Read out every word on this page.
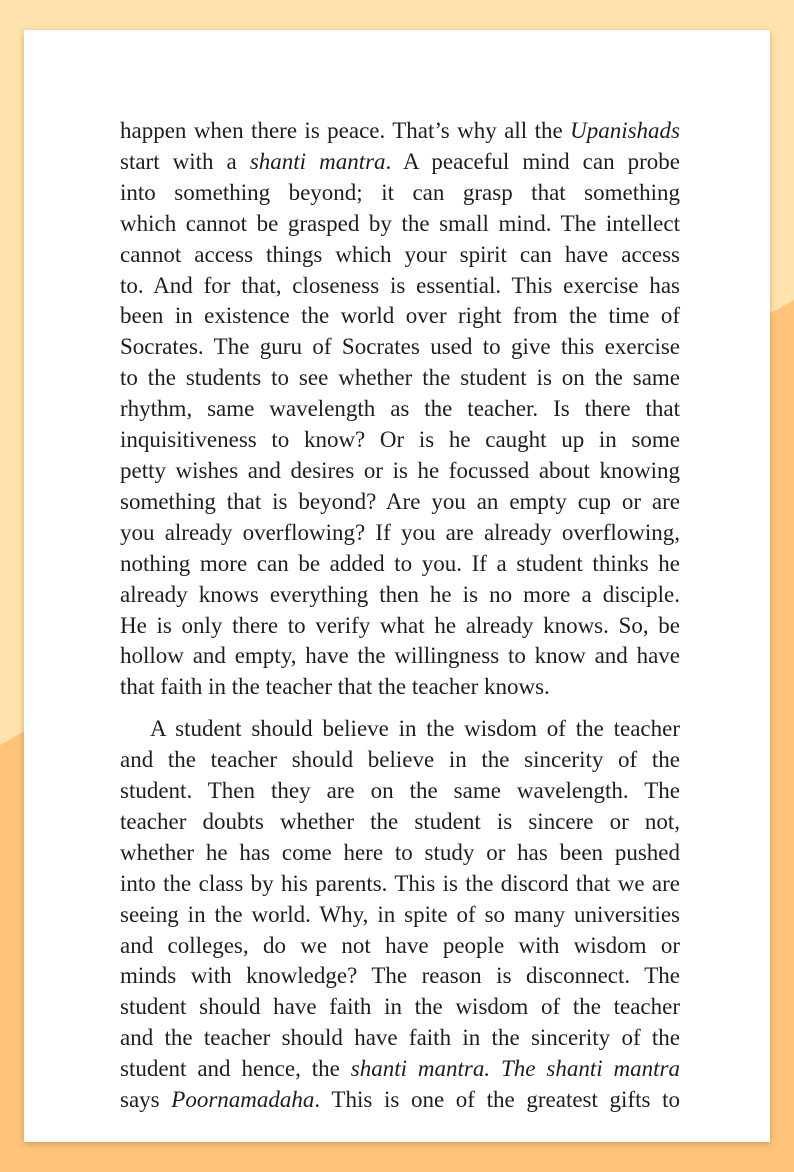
happen when there is peace. That’s why all the Upanishads
start with a shanti mantra. A peaceful mind can probe
into something beyond; it can grasp that something
which cannot be grasped by the small mind. The intellect
cannot access things which your spirit can have access
to. And for that, closeness is essential. This exercise has
been in existence the world over right from the time of
Socrates. The guru of Socrates used to give this exercise
to the students to see whether the student is on the same
rhythm, same wavelength as the teacher. Is there that
inquisitiveness to know? Or is he caught up in some
petty wishes and desires or is he focussed about knowing
something that is beyond? Are you an empty cup or are
you already overflowing? If you are already overflowing,
nothing more can be added to you. If a student thinks he
already knows everything then he is no more a disciple.
He is only there to verify what he already knows. So, be
hollow and empty, have the willingness to know and have

that faith in the teacher that the teacher knows.

A student should believe in the wisdom of the teacher
and the teacher should believe in the sincerity of the
student. Then they are on the same wavelength. The
teacher doubts whether the student is sincere or not,
whether he has come here to study or has been pushed
into the class by his parents. This is the discord that we are
seeing in the world. Why, in spite of so many universities
and colleges, do we not have people with wisdom or
minds with knowledge? The reason is disconnect. The
student should have faith in the wisdom of the teacher
and the teacher should have faith in the sincerity of the
student and hence, the shanti mantra. The shanti mantra
says Poornamadaha. This is one of the greatest gifts to
